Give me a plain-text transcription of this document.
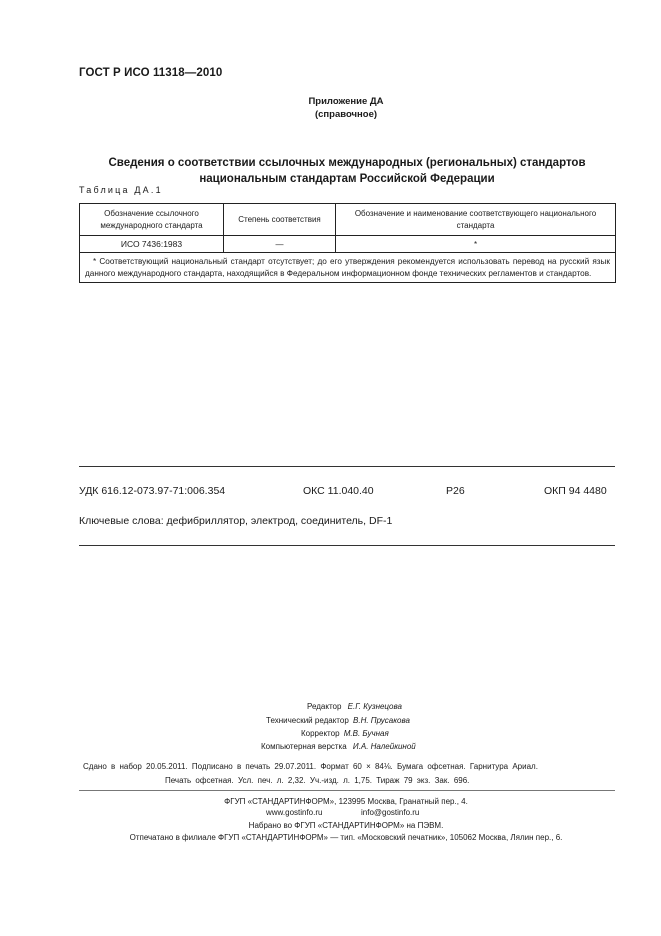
ГОСТ Р ИСО 11318—2010
Приложение ДА
(справочное)
Сведения о соответствии ссылочных международных (региональных) стандартов
национальным стандартам Российской Федерации
Таблица ДА.1
Обозначение ссылочного международного стандарта	Степень соответствия	Обозначение и наименование соответствующего национального стандарта
ИСО 7436:1983	—	*
* Соответствующий национальный стандарт отсутствует; до его утверждения рекомендуется использовать перевод на русский язык данного международного стандарта, находящийся в Федеральном информационном фонде технических регламентов и стандартов.		
УДК 616.12-073.97-71:006.354	ОКС 11.040.40	Р26	ОКП 94 4480
Ключевые слова: дефибриллятор, электрод, соединитель, DF-1
Редактор Е.Г. Кузнецова
Технический редактор В.Н. Прусакова
Корректор М.В. Бучная
Компьютерная верстка И.А. Налейкиной
Сдано в набор 20.05.2011. Подписано в печать 29.07.2011. Формат 60 × 84⅛. Бумага офсетная. Гарнитура Ариал.
Печать офсетная. Усл. печ. л. 2,32. Уч.-изд. л. 1,75. Тираж 79 экз. Зак. 696.
ФГУП «СТАНДАРТИНФОРМ», 123995 Москва, Гранатный пер., 4.
www.gostinfo.ru	info@gostinfo.ru
Набрано во ФГУП «СТАНДАРТИНФОРМ» на ПЭВМ.
Отпечатано в филиале ФГУП «СТАНДАРТИНФОРМ» — тип. «Московский печатник», 105062 Москва, Лялин пер., 6.
